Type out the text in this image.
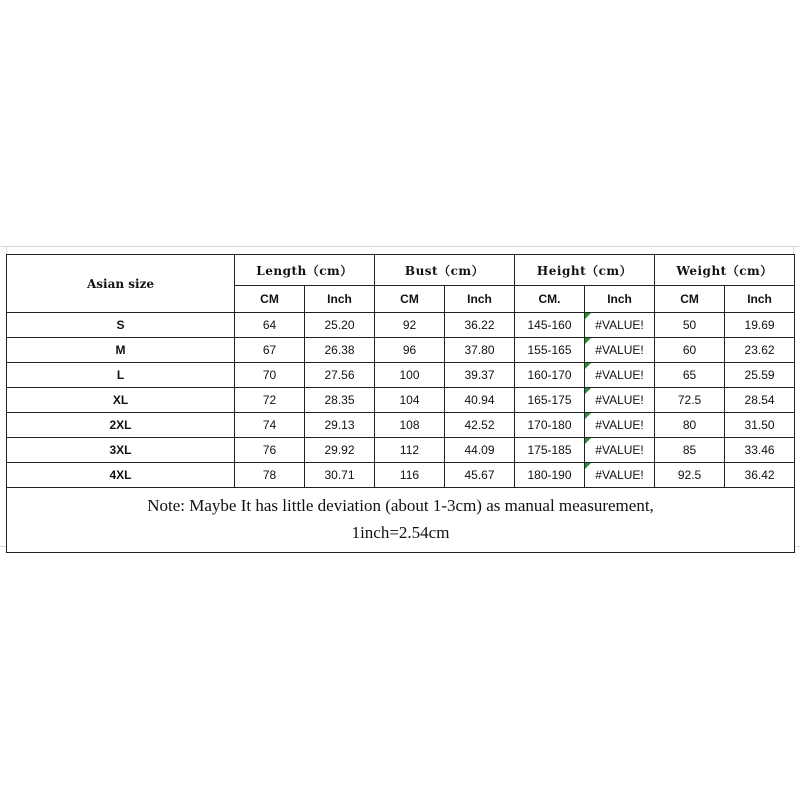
Asian size	Length（cm）		Bust（cm）		Height（cm）		Weight（cm）	
	CM	Inch	CM	Inch	CM.	Inch	CM	Inch
S	64	25.20	92	36.22	145-160	#VALUE!	50	19.69
M	67	26.38	96	37.80	155-165	#VALUE!	60	23.62
L	70	27.56	100	39.37	160-170	#VALUE!	65	25.59
XL	72	28.35	104	40.94	165-175	#VALUE!	72.5	28.54
2XL	74	29.13	108	42.52	170-180	#VALUE!	80	31.50
3XL	76	29.92	112	44.09	175-185	#VALUE!	85	33.46
4XL	78	30.71	116	45.67	180-190	#VALUE!	92.5	36.42

Note: Maybe It has little deviation (about 1-3cm) as manual measurement,
1inch=2.54cm								
